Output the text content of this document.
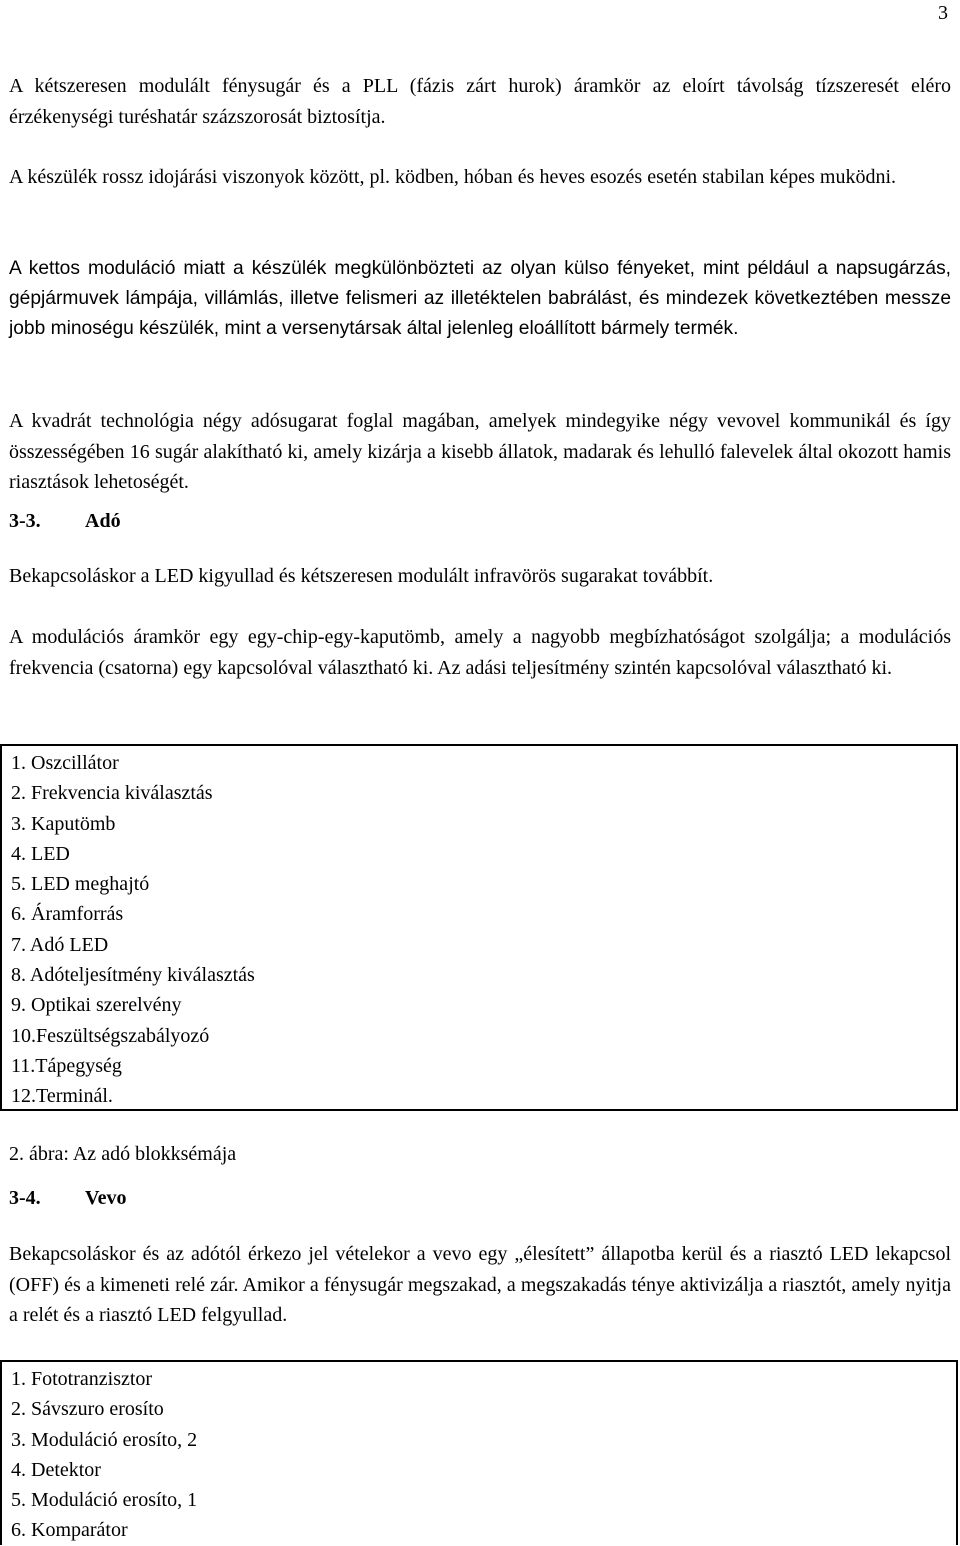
3

A kétszeresen modulált fénysugár és a PLL (fázis zárt hurok) áramkör az eloírt távolság tízszeresét eléro érzékenységi turéshatár százszorosát biztosítja.

A készülék rossz idojárási viszonyok között, pl. ködben, hóban és heves esozés esetén stabilan képes muködni.

A kettos moduláció miatt a készülék megkülönbözteti az olyan külso fényeket, mint például a napsugárzás, gépjármuvek lámpája, villámlás, illetve felismeri az illetéktelen babrálást, és mindezek következtében messze jobb minoségu készülék, mint a versenytársak által jelenleg eloállított bármely termék.

A kvadrát technológia négy adósugarat foglal magában, amelyek mindegyike négy vevovel kommunikál és így összességében 16 sugár alakítható ki, amely kizárja a kisebb állatok, madarak és lehulló falevelek által okozott hamis riasztások lehetoségét.

3-3. Adó

Bekapcsoláskor a LED kigyullad és kétszeresen modulált infravörös sugarakat továbbít.

A modulációs áramkör egy egy-chip-egy-kaputömb, amely a nagyobb megbízhatóságot szolgálja; a modulációs frekvencia (csatorna) egy kapcsolóval választható ki. Az adási teljesítmény szintén kapcsolóval választható ki.

1. Oszcillátor
2. Frekvencia kiválasztás
3. Kaputömb
4. LED
5. LED meghajtó
6. Áramforrás
7. Adó LED
8. Adóteljesítmény kiválasztás
9. Optikai szerelvény
10.Feszültségszabályozó
11.Tápegység
12.Terminál.

2. ábra: Az adó blokksémája

3-4. Vevo

Bekapcsoláskor és az adótól érkezo jel vételekor a vevo egy „élesített” állapotba kerül és a riasztó LED lekapcsol (OFF) és a kimeneti relé zár. Amikor a fénysugár megszakad, a megszakadás ténye aktivizálja a riasztót, amely nyitja a relét és a riasztó LED felgyullad.

1. Fototranzisztor
2. Sávszuro erosíto
3. Moduláció erosíto, 2
4. Detektor
5. Moduláció erosíto, 1
6. Komparátor
